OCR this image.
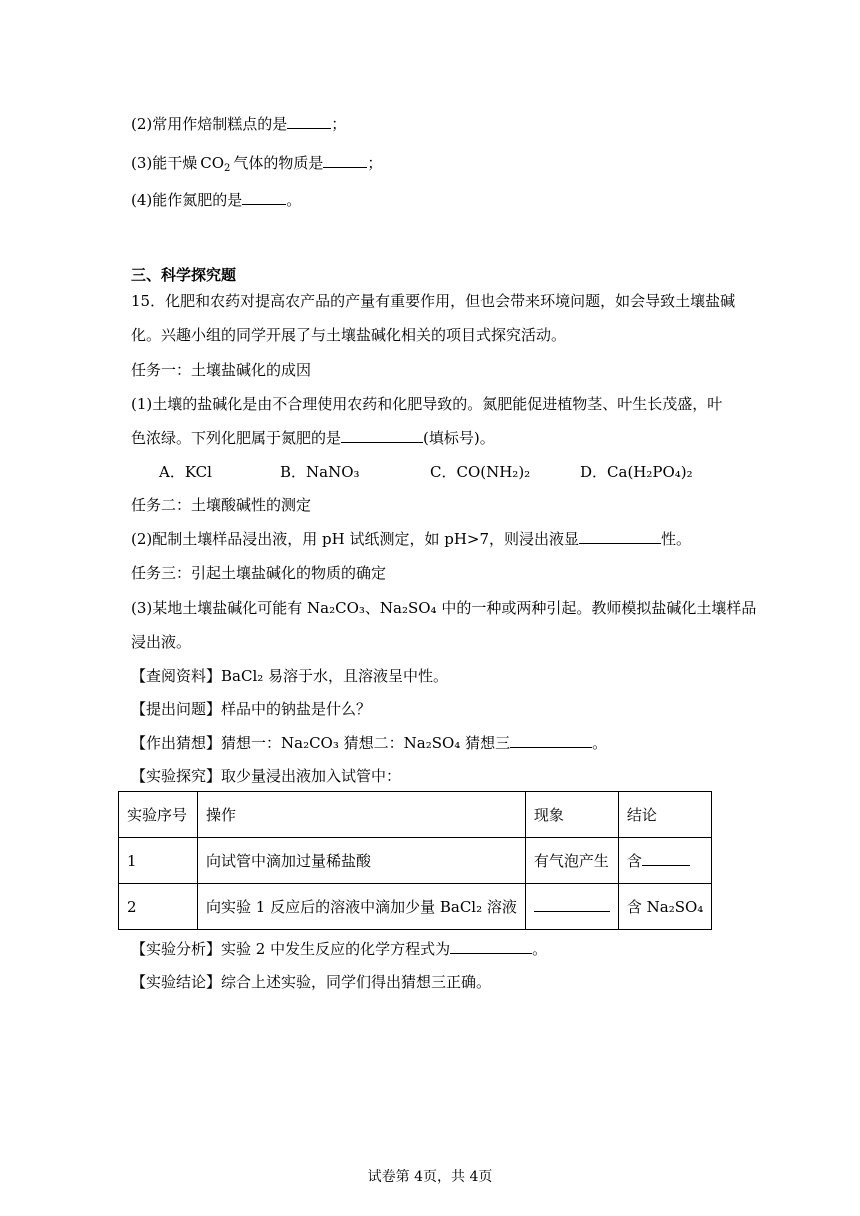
(2)常用作焙制糕点的是	；
(3)能干燥 $CO_2$ 气体的物质是	；
(4)能作氮肥的是	。
三、科学探究题
15．化肥和农药对提高农产品的产量有重要作用，但也会带来环境问题，如会导致土壤盐碱
化。兴趣小组的同学开展了与土壤盐碱化相关的项目式探究活动。
任务一：土壤盐碱化的成因
(1)土壤的盐碱化是由不合理使用农药和化肥导致的。氮肥能促进植物茎、叶生长茂盛，叶
色浓绿。下列化肥属于氮肥的是	(填标号)。
A．KCl	B．NaNO₃	C．CO(NH₂)₂	D．Ca(H₂PO₄)₂
任务二：土壤酸碱性的测定
(2)配制土壤样品浸出液，用 pH 试纸测定，如 pH>7，则浸出液显	性。
任务三：引起土壤盐碱化的物质的确定
(3)某地土壤盐碱化可能有 Na₂CO₃、Na₂SO₄ 中的一种或两种引起。教师模拟盐碱化土壤样品
浸出液。
【查阅资料】BaCl₂ 易溶于水，且溶液呈中性。
【提出问题】样品中的钠盐是什么？
【作出猜想】猜想一：Na₂CO₃ 猜想二：Na₂SO₄ 猜想三	。
【实验探究】取少量浸出液加入试管中：
实验序号	操作	现象	结论
1	向试管中滴加过量稀盐酸	有气泡产生	含
2	向实验 1 反应后的溶液中滴加少量 BaCl₂ 溶液		含 Na₂SO₄
【实验分析】实验 2 中发生反应的化学方程式为	。
【实验结论】综合上述实验，同学们得出猜想三正确。
试卷第 4页，共 4页
